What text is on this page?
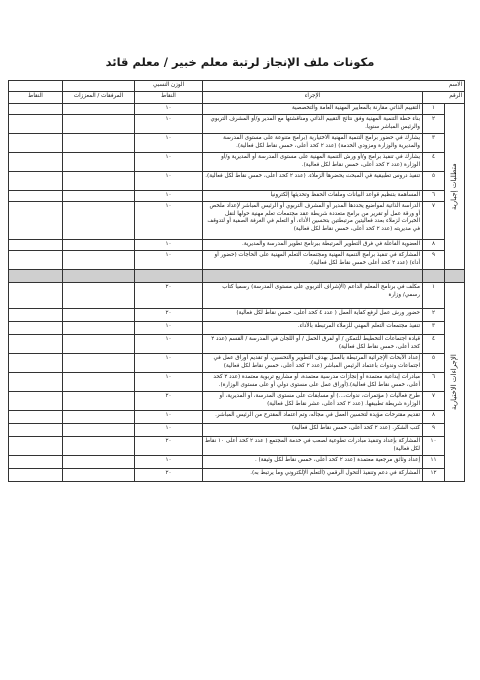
مكونات ملف الإنجاز لرتبة معلم خبير / معلم قائد
الاسم			الوزن النسبي		
الرقم		الإجراء	النقاط	المرفقات / المعززات	النقاط
متطلبات إجبارية	١	التقييم الذاتي مقارنة بالمعايير المهنية العامة والتخصصية	١٠		
	٢	بناء خطة التنمية المهنية وفق نتائج التقييم الذاتي ومناقشتها مع المدير و/أو المشرف التربوي والرئيس المباشر سنويا.	١٠		
	٣	يشارك في حضور برامج التنمية المهنية الاختيارية (برامج متنوعة على مستوى المدرسة والمديرية والوزارة ومزودي الخدمة) (عدد ٢ كحد أعلى، خمس نقاط لكل فعالية).	١٠		
	٤	يشارك في تنفيذ برامج و/أو ورش التنمية المهنية على مستوى المدرسة أو المديرية و/أو الوزارة (عدد ٢ كحد أعلى، خمس نقاط لكل فعالية).	١٠		
	٥	تنفيذ دروس تطبيقية في المبحث يحضرها الزملاء. (عدد ٢ كحد أعلى، خمس نقاط لكل فعالية).	١٠		
	٦	المساهمة بتنظيم قواعد البيانات وملفات الحفظ وتحديثها إلكترونيا	١٠		
	٧	الدراسة الذاتية لمواضيع يحددها المدير أو المشرف التربوي أو الرئيس المباشر لإعداد ملخص أو ورقة عمل أو تقرير من برامج متعددة شريطة عقد مجتمعات تعلم مهنية حولها لنقل الخبرات لزملاء بعدد فعاليتين مرتبطتين بتحسين الأداء، أو التعلم في الغرفة الصفية أو لتدوقف في مديريته (عدد ٢ كحد أعلى، خمس نقاط لكل فعالية)	١٠		
	٨	العضوية الفاعلة في فرق التطوير المرتبطة ببرنامج تطوير المدرسة والمديرية.	١٠		
	٩	المشاركة في تنفيذ برامج التنمية المهنية ومجتمعات التعلم المهنية على الحاجات (حضور أو أداء) (عدد ٢ كحد أعلى خمس نقاط لكل فعالية).	١٠		

الإجراءات الاختيارية	١	مكلف في برنامج المعلم الداعم (الإشراف التربوي على مستوى المدرسة) رسميا كتاب رسمي/ وزارة	٢٠		
	٢	حضور ورش عمل لرفع كفاية العمل ( عدد ٤ كحد أعلى، خمس نقاط لكل فعالية)	٢٠		
	٣	تنفيذ مجتمعات التعلم المهني للزملاء المرتبطة بالأداء.	١٠		
	٤	قيادة اجتماعات التخطيط للتمكن / أو لفرق الحمل / أو اللجان في المدرسة / القسم (عدد ٢ كحد أعلى، خمس نقاط لكل فعالية)	١٠		
	٥	إعداد الأبحاث الإجرائية المرتبطة بالعمل بهدف التطوير والتحسين، أو تقديم أوراق عمل في اجتماعات وندوات باعتماد الرئيس المباشر (عدد ٢ كحد أعلى، خمس نقاط لكل فعالية)	١٠		
	٦	مبادرات إبداعية معتمدة أو إنجازات مدرسية معتمدة، أو مشاريع تربوية معتمدة (عدد ٢ كحد أعلى، خمس نقاط لكل فعالية).(أوراق عمل على مستوى دولي أو على مستوى الوزارة).	١٠		
	٧	طرح فعاليات ( مؤتمرات، ندوات،...) أو مسابقات على مستوى المدرسة، أو المديرية، أو الوزارة شريطة تطبيقها. (عدد ٢ كحد أعلى، عشر نقاط لكل فعالية)	٢٠		
	٨	تقديم مقترحات مؤيدة لتحسين العمل في مجاله، وتم اعتماد المقترح من الرئيس المباشر.	١٠		
	٩	كتب الشكر. (عدد ٢ كحد أعلى، خمس نقاط لكل فعالية)	١٠		
	١٠	المشاركة بإعداد وتنفيذ مبادرات تطوعية لصعب في خدمة المجتمع ( عدد ٢ كحد أعلى ١٠ نقاط لكل فعالية)	٢٠		
	١١	إعداد وثائق مرجعية معتمدة (عدد ٢ كحد أعلى، خمس نقاط لكل وثيقة) .	١٠		
	١٢	المشاركة في دعم وتنفيذ التحول الرقمي (التعلم الإلكتروني وما يرتبط به).	٢٠		
